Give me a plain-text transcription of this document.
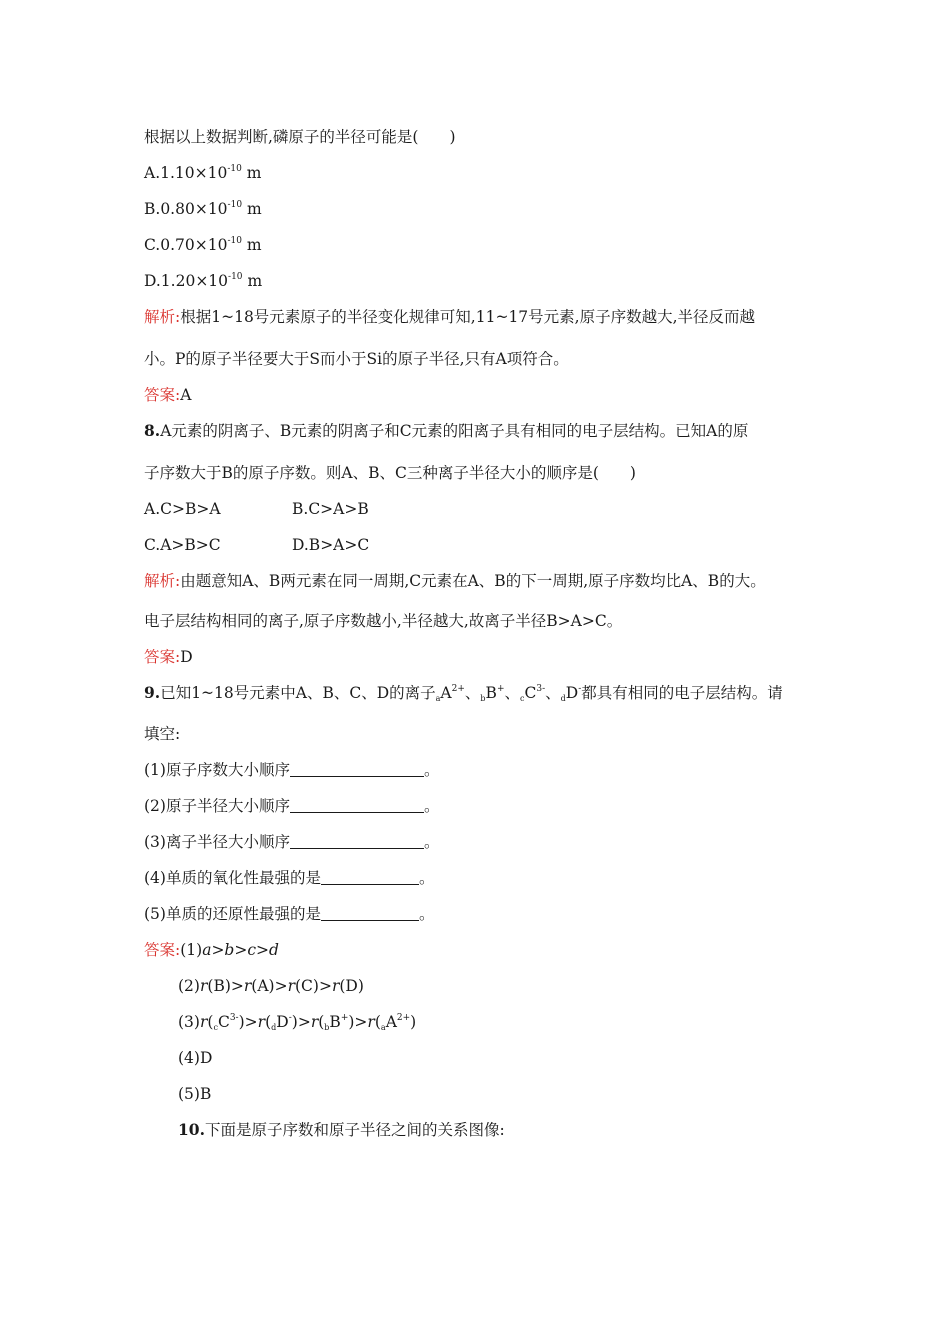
根据以上数据判断,磷原子的半径可能是(　　)
$A.1.10\times 10^{-10}$ m
$B.0.80\times 10^{-10}$ m
$C.0.70\times 10^{-10}$ m
$D.1.20\times 10^{-10}$ m
解析:根据1~18号元素原子的半径变化规律可知,11~17号元素,原子序数越大,半径反而越
小。P的原子半径要大于S而小于Si的原子半径,只有A项符合。
答案:A
8.A元素的阴离子、B元素的阴离子和C元素的阳离子具有相同的电子层结构。已知A的原
子序数大于B的原子序数。则A、B、C三种离子半径大小的顺序是(　　)
A.C>B>A	B.C>A>B
C.A>B>C	D.B>A>C
解析:由题意知A、B两元素在同一周期,C元素在A、B的下一周期,原子序数均比A、B的大。
电子层结构相同的离子,原子序数越小,半径越大,故离子半径B>A>C。
答案:D
9.已知1~18号元素中A、B、C、D的离子$_aA^{2+}$、$_b$B+、$_cC^{3-}$、$_d$D-都具有相同的电子层结构。请
填空:
(1)原子序数大小顺序	。
(2)原子半径大小顺序	。
(3)离子半径大小顺序	。
(4)单质的氧化性最强的是	。
(5)单质的还原性最强的是	。
答案:(1)a>b>c>d
(2)r(B)>r(A)>r(C)>r(D)
$(3)r(_cC^{3-})>r(_dD^-)>r(_bB^+)>r(_aA^{2+})$
(4)D
(5)B
10.下面是原子序数和原子半径之间的关系图像:
